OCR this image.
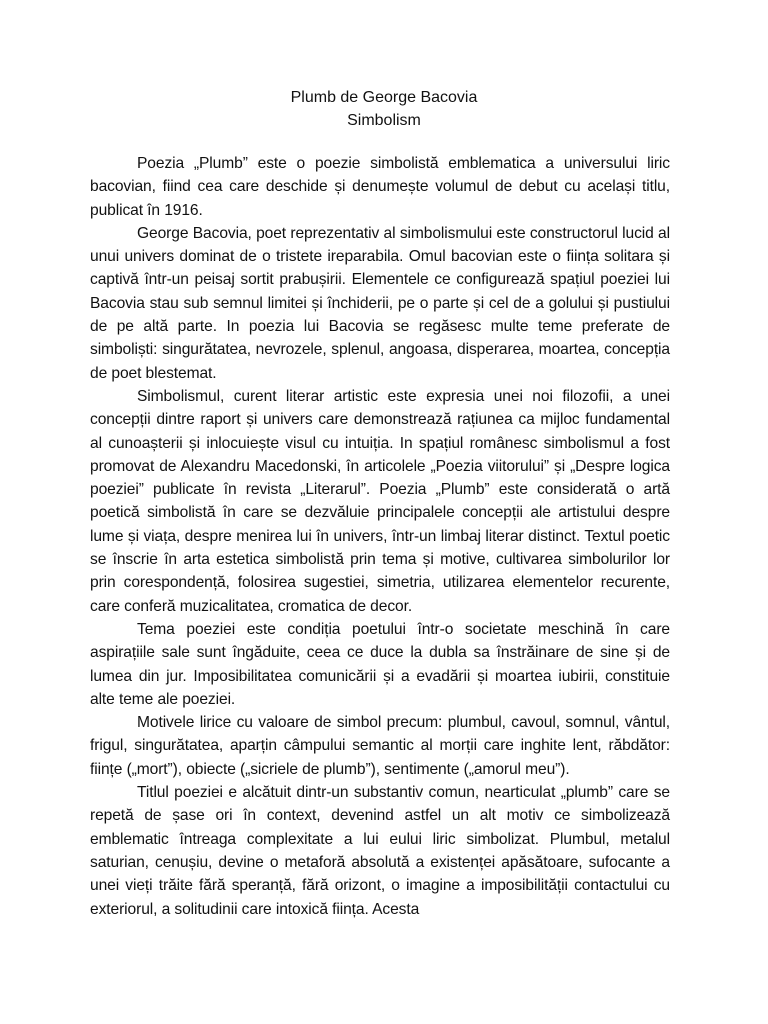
Plumb de George Bacovia
Simbolism

Poezia „Plumb” este o poezie simbolistă emblematica a universului liric bacovian, fiind cea care deschide și denumește volumul de debut cu același titlu, publicat în 1916.

George Bacovia, poet reprezentativ al simbolismului este constructorul lucid al unui univers dominat de o tristete ireparabila. Omul bacovian este o ființa solitara și captivă într-un peisaj sortit prabușirii. Elementele ce configurează spațiul poeziei lui Bacovia stau sub semnul limitei și închiderii, pe o parte și cel de a golului și pustiului de pe altă parte. In poezia lui Bacovia se regăsesc multe teme preferate de simboliști: singurătatea, nevrozele, splenul, angoasa, disperarea, moartea, concepția de poet blestemat.

Simbolismul, curent literar artistic este expresia unei noi filozofii, a unei concepții dintre raport și univers care demonstrează rațiunea ca mijloc fundamental al cunoașterii și inlocuiește visul cu intuiția. In spațiul românesc simbolismul a fost promovat de Alexandru Macedonski, în articolele „Poezia viitorului” și „Despre logica poeziei” publicate în revista „Literarul”. Poezia „Plumb” este considerată o artă poetică simbolistă în care se dezvăluie principalele concepții ale artistului despre lume și viața, despre menirea lui în univers, într-un limbaj literar distinct. Textul poetic se înscrie în arta estetica simbolistă prin tema și motive, cultivarea simbolurilor lor prin corespondență, folosirea sugestiei, simetria, utilizarea elementelor recurente, care conferă muzicalitatea, cromatica de decor.

Tema poeziei este condiția poetului într-o societate meschină în care aspirațiile sale sunt îngăduite, ceea ce duce la dubla sa înstrăinare de sine și de lumea din jur. Imposibilitatea comunicării și a evadării și moartea iubirii, constituie alte teme ale poeziei.

Motivele lirice cu valoare de simbol precum: plumbul, cavoul, somnul, vântul, frigul, singurătatea, aparțin câmpului semantic al morții care inghite lent, răbdător: ființe („mort”), obiecte („sicriele de plumb”), sentimente („amorul meu”).

Titlul poeziei e alcătuit dintr-un substantiv comun, nearticulat „plumb” care se repetă de șase ori în context, devenind astfel un alt motiv ce simbolizează emblematic întreaga complexitate a lui eului liric simbolizat. Plumbul, metalul saturian, cenușiu, devine o metaforă absolută a existenței apăsătoare, sufocante a unei vieți trăite fără speranță, fără orizont, o imagine a imposibilității contactului cu exteriorul, a solitudinii care intoxică ființa. Acesta
